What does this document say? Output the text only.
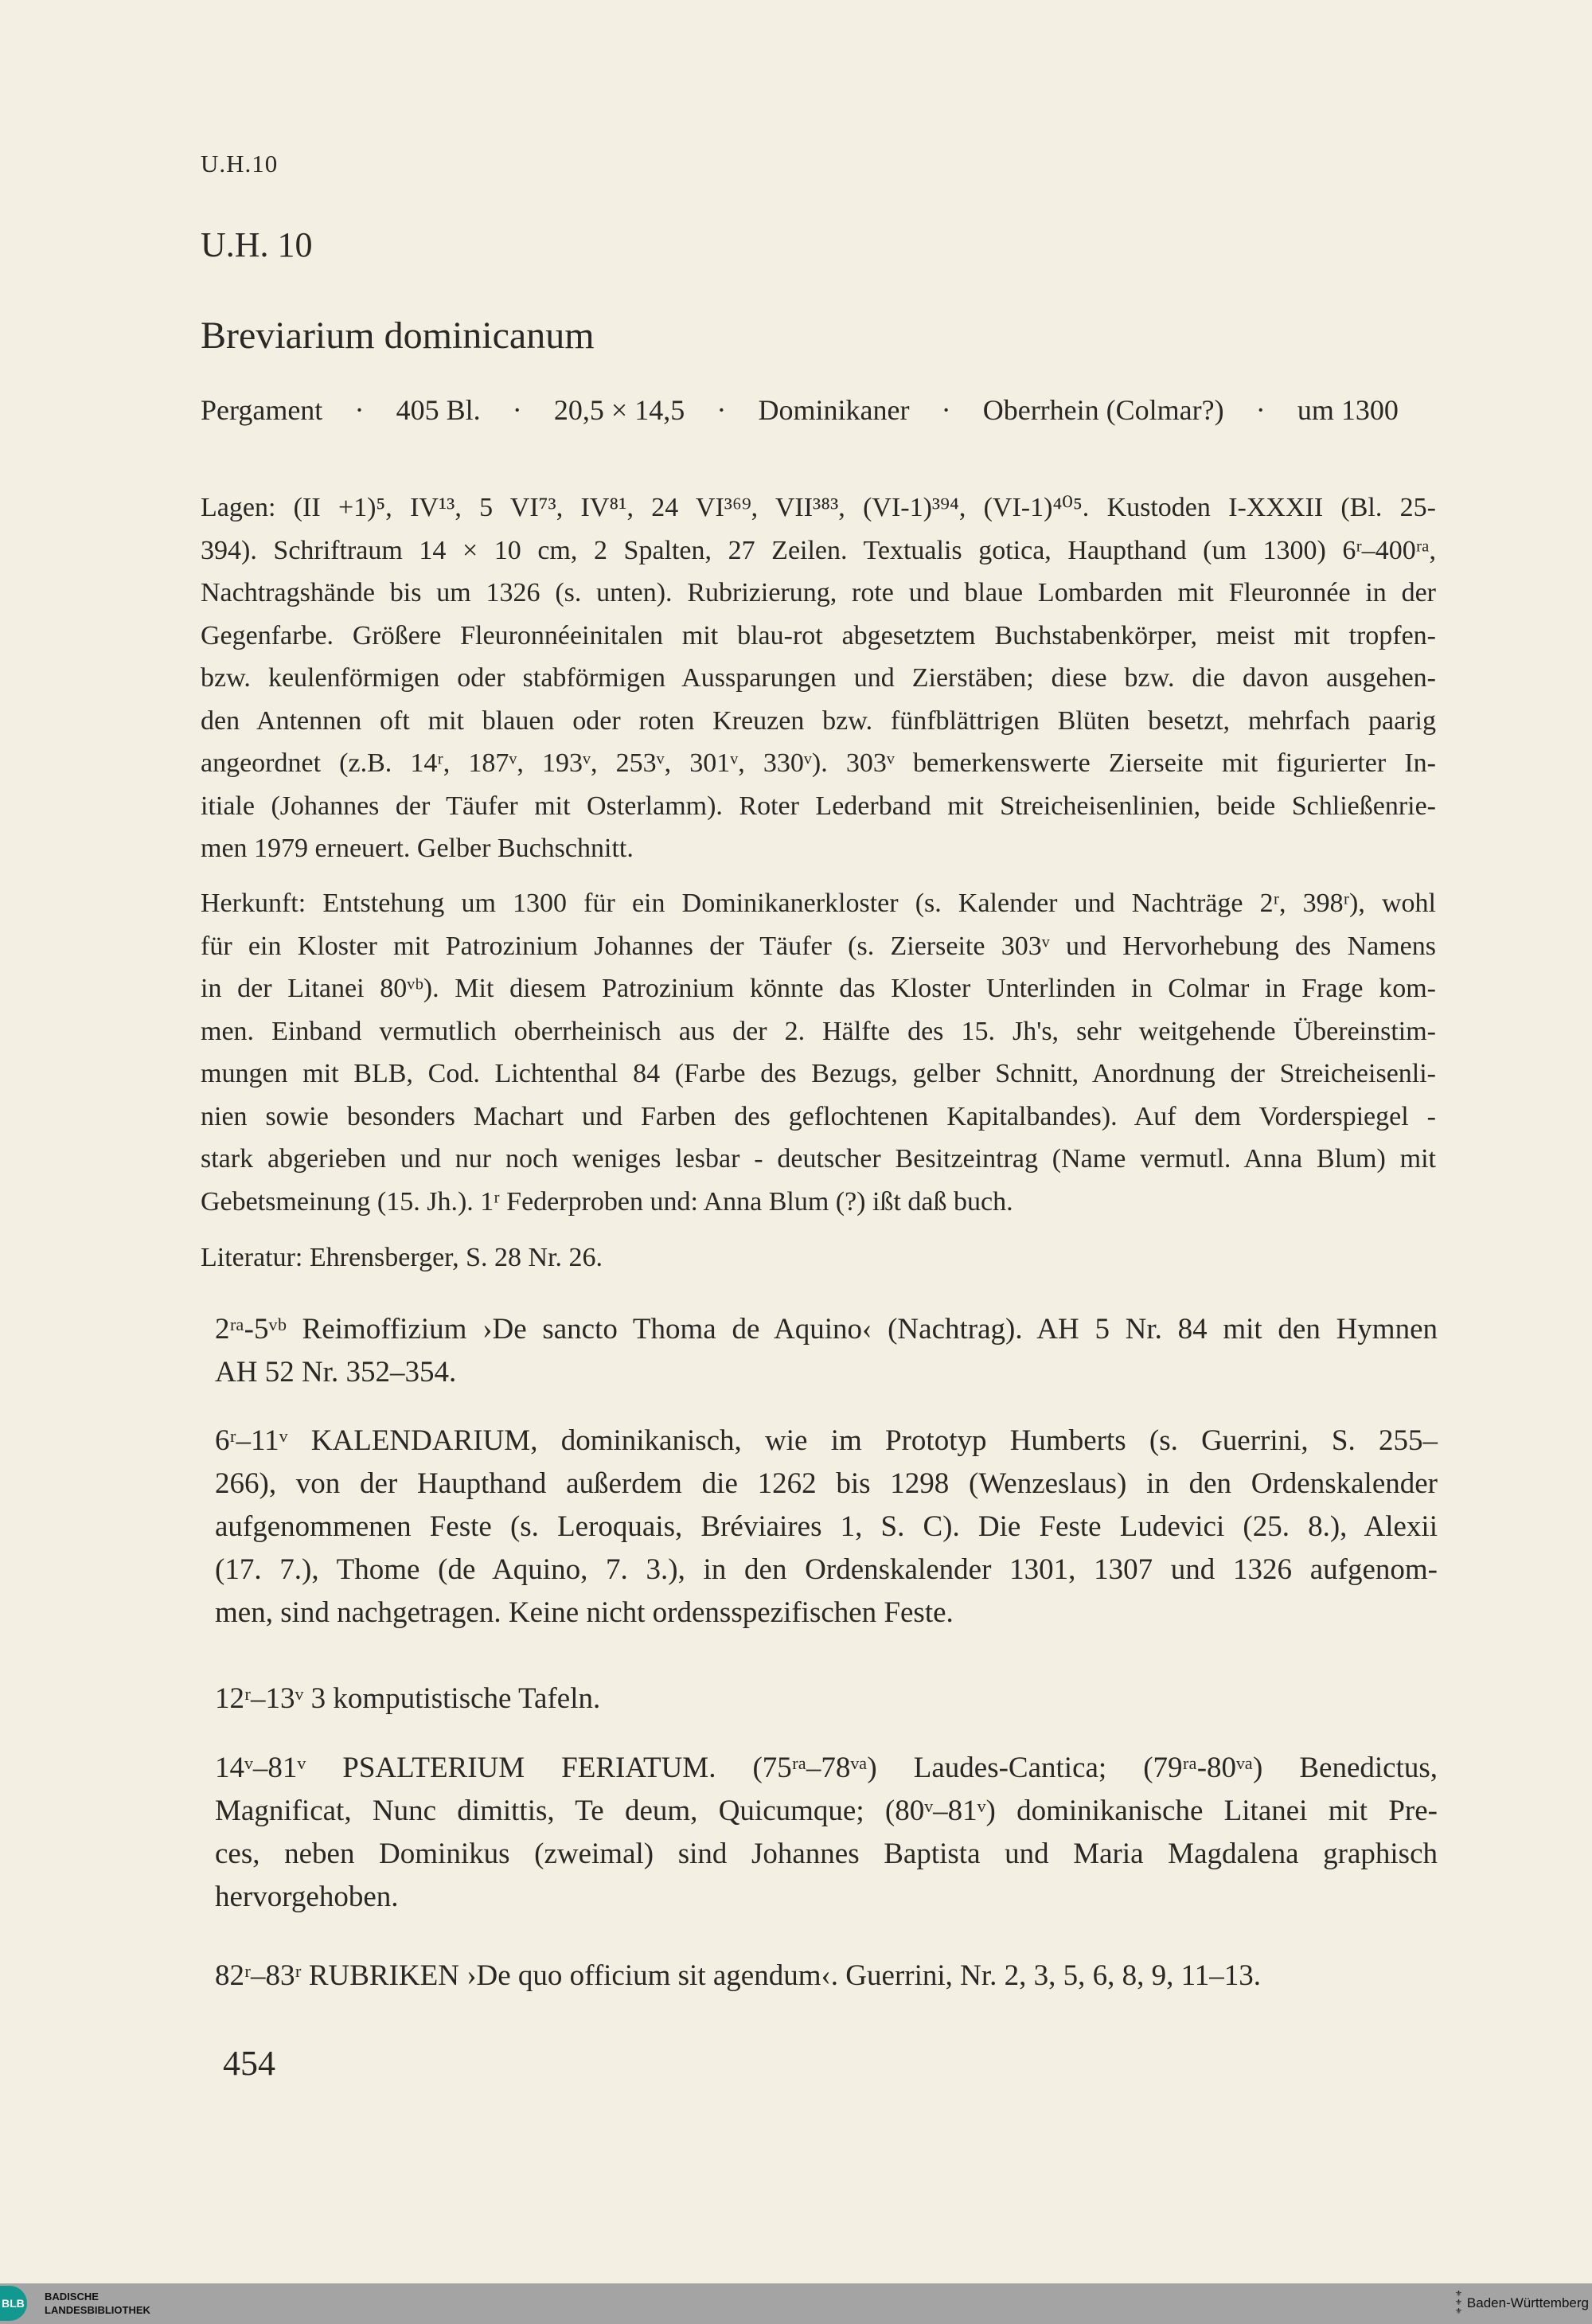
U.H.10
U.H. 10
Breviarium dominicanum
Pergament · 405 Bl. · 20,5 × 14,5 · Dominikaner · Oberrhein (Colmar?) · um 1300
Lagen: (II +1)⁵, IV¹³, 5 VI⁷³, IV⁸¹, 24 VI³⁶⁹, VII³⁸³, (VI-1)³⁹⁴, (VI-1)⁴⁰⁵. Kustoden I-XXXII (Bl. 25-
394). Schriftraum 14 × 10 cm, 2 Spalten, 27 Zeilen. Textualis gotica, Haupthand (um 1300) 6ʳ–400ʳᵃ,
Nachtragshände bis um 1326 (s. unten). Rubrizierung, rote und blaue Lombarden mit Fleuronnée in der
Gegenfarbe. Größere Fleuronnéeinitalen mit blau-rot abgesetztem Buchstabenkörper, meist mit tropfen-
bzw. keulenförmigen oder stabförmigen Aussparungen und Zierstäben; diese bzw. die davon ausgehen-
den Antennen oft mit blauen oder roten Kreuzen bzw. fünfblättrigen Blüten besetzt, mehrfach paarig
angeordnet (z.B. 14ʳ, 187ᵛ, 193ᵛ, 253ᵛ, 301ᵛ, 330ᵛ). 303ᵛ bemerkenswerte Zierseite mit figurierter In-
itiale (Johannes der Täufer mit Osterlamm). Roter Lederband mit Streicheisenlinien, beide Schließenrie-
men 1979 erneuert. Gelber Buchschnitt.
Herkunft: Entstehung um 1300 für ein Dominikanerkloster (s. Kalender und Nachträge 2ʳ, 398ʳ), wohl
für ein Kloster mit Patrozinium Johannes der Täufer (s. Zierseite 303ᵛ und Hervorhebung des Namens
in der Litanei 80ᵛᵇ). Mit diesem Patrozinium könnte das Kloster Unterlinden in Colmar in Frage kom-
men. Einband vermutlich oberrheinisch aus der 2. Hälfte des 15. Jh's, sehr weitgehende Übereinstim-
mungen mit BLB, Cod. Lichtenthal 84 (Farbe des Bezugs, gelber Schnitt, Anordnung der Streicheisenli-
nien sowie besonders Machart und Farben des geflochtenen Kapitalbandes). Auf dem Vorderspiegel -
stark abgerieben und nur noch weniges lesbar - deutscher Besitzeintrag (Name vermutl. Anna Blum) mit
Gebetsmeinung (15. Jh.). 1ʳ Federproben und: Anna Blum (?) ißt daß buch.
Literatur: Ehrensberger, S. 28 Nr. 26.
2ʳᵃ-5ᵛᵇ Reimoffizium ›De sancto Thoma de Aquino‹ (Nachtrag). AH 5 Nr. 84 mit den Hymnen
AH 52 Nr. 352–354.
6ʳ–11ᵛ KALENDARIUM, dominikanisch, wie im Prototyp Humberts (s. Guerrini, S. 255–
266), von der Haupthand außerdem die 1262 bis 1298 (Wenzeslaus) in den Ordenskalender
aufgenommenen Feste (s. Leroquais, Bréviaires 1, S. C). Die Feste Ludevici (25. 8.), Alexii
(17. 7.), Thome (de Aquino, 7. 3.), in den Ordenskalender 1301, 1307 und 1326 aufgenom-
men, sind nachgetragen. Keine nicht ordensspezifischen Feste.
12ʳ–13ᵛ 3 komputistische Tafeln.
14ᵛ–81ᵛ PSALTERIUM FERIATUM. (75ʳᵃ–78ᵛᵃ) Laudes-Cantica; (79ʳᵃ-80ᵛᵃ) Benedictus,
Magnificat, Nunc dimittis, Te deum, Quicumque; (80ᵛ–81ᵛ) dominikanische Litanei mit Pre-
ces, neben Dominikus (zweimal) sind Johannes Baptista und Maria Magdalena graphisch
hervorgehoben.
82ʳ–83ʳ RUBRIKEN ›De quo officium sit agendum‹. Guerrini, Nr. 2, 3, 5, 6, 8, 9, 11–13.
454
BLB
BADISCHE
LANDESBIBLIOTHEK
⚜
⚜
⚜
Baden-Württemberg
